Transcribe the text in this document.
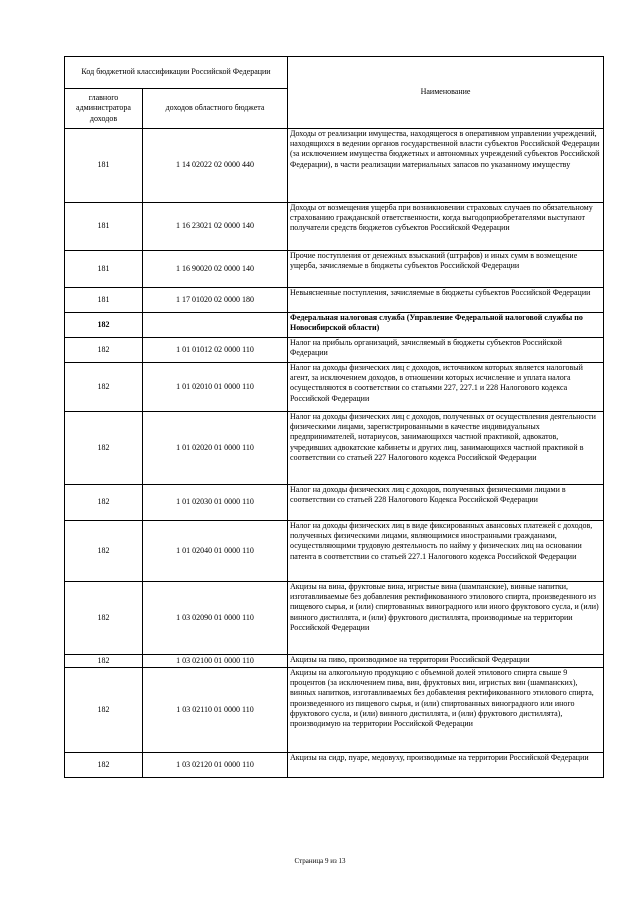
Код бюджетной классификации Российской Федерации		Наименование
главного администратора доходов	доходов областного бюджета	
181	1 14 02022 02 0000 440	Доходы от реализации имущества, находящегося в оперативном управлении учреждений, находящихся в ведении органов государственной власти субъектов Российской Федерации (за исключением имущества бюджетных и автономных учреждений субъектов Российской Федерации), в части реализации материальных запасов по указанному имуществу
181	1 16 23021 02 0000 140	Доходы от возмещения ущерба при возникновении страховых случаев по обязательному страхованию гражданской ответственности, когда выгодоприобретателями выступают получатели средств бюджетов субъектов Российской Федерации
181	1 16 90020 02 0000 140	Прочие поступления от денежных взысканий (штрафов) и иных сумм в возмещение ущерба, зачисляемые в бюджеты субъектов Российской Федерации
181	1 17 01020 02 0000 180	Невыясненные поступления, зачисляемые в бюджеты субъектов Российской Федерации
182		Федеральная налоговая служба (Управление Федеральной налоговой службы по Новосибирской области)
182	1 01 01012 02 0000 110	Налог на прибыль организаций, зачисляемый в бюджеты субъектов Российской Федерации
182	1 01 02010 01 0000 110	Налог на доходы физических лиц с доходов, источником которых является налоговый агент, за исключением доходов, в отношении которых исчисление и уплата налога осуществляются в соответствии со статьями 227, 227.1 и 228 Налогового кодекса Российской Федерации
182	1 01 02020 01 0000 110	Налог на доходы физических лиц с доходов, полученных от осуществления деятельности физическими лицами, зарегистрированными в качестве индивидуальных предпринимателей, нотариусов, занимающихся частной практикой, адвокатов, учредивших адвокатские кабинеты и других лиц, занимающихся частной практикой в соответствии со статьей 227 Налогового кодекса Российской Федерации
182	1 01 02030 01 0000 110	Налог на доходы физических лиц с доходов, полученных физическими лицами в соответствии со статьей 228 Налогового Кодекса Российской Федерации
182	1 01 02040 01 0000 110	Налог на доходы физических лиц в виде фиксированных авансовых платежей с доходов, полученных физическими лицами, являющимися иностранными гражданами, осуществляющими трудовую деятельность по найму у физических лиц на основании патента в соответствии со статьей 227.1 Налогового кодекса Российской Федерации
182	1 03 02090 01 0000 110	Акцизы на вина, фруктовые вина, игристые вина (шампанские), винные напитки, изготавливаемые без добавления ректификованного этилового спирта, произведенного из пищевого сырья, и (или) спиртованных виноградного или иного фруктового сусла, и (или) винного дистиллята, и (или) фруктового дистиллята, производимые на территории Российской Федерации
182	1 03 02100 01 0000 110	Акцизы на пиво, производимое на территории Российской Федерации
182	1 03 02110 01 0000 110	Акцизы на алкогольную продукцию с объемной долей этилового спирта свыше 9 процентов (за исключением пива, вин, фруктовых вин, игристых вин (шампанских), винных напитков, изготавливаемых без добавления ректификованного этилового спирта, произведенного из пищевого сырья, и (или) спиртованных виноградного или иного фруктового сусла, и (или) винного дистиллята, и (или) фруктового дистиллята), производимую на территории Российской Федерации
182	1 03 02120 01 0000 110	Акцизы на сидр, пуаре, медовуху, производимые на территории Российской Федерации
Страница 9 из 13
